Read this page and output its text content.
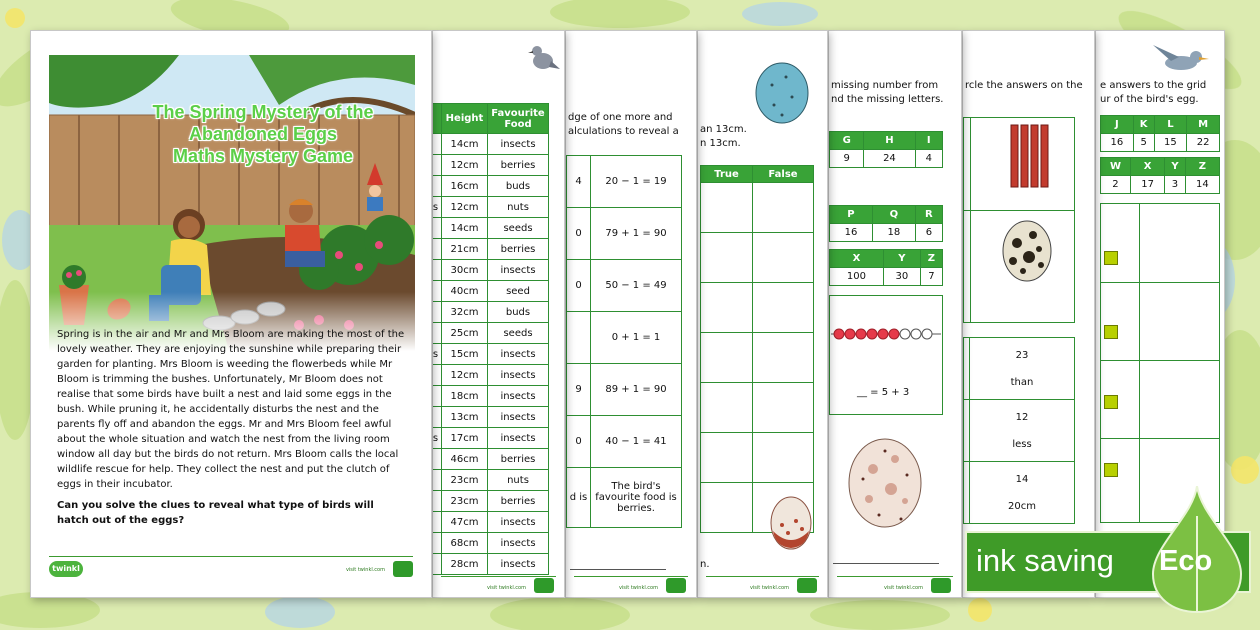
e answers to the grid
ur of the bird's egg.
J	K	L	M
16	5	15	22
W	X	Y	Z
2	17	3	14
rcle the answers on the

	23
than

	12
less

	14
20cm
missing number from
nd the missing letters.
G	H	I
9	24	4
P	Q	R
16	18	6
X	Y	Z
100	30	7
__ = 5 + 3
visit twinkl.com
an 13cm.
n 13cm.
True	False

n.
visit twinkl.com
dge of one more and
alculations to reveal a
4	20 − 1 = 19
0	79 + 1 = 90
0	50 − 1 = 49
	0 + 1 = 1
9	89 + 1 = 90
0	40 − 1 = 41
d is	The bird's favourite food is berries.
visit twinkl.com
	Height	Favourite Food
	14cm	insects
	12cm	berries
	16cm	buds
s	12cm	nuts
	14cm	seeds
	21cm	berries
	30cm	insects
	40cm	seed
	32cm	buds
	25cm	seeds
s	15cm	insects
	12cm	insects
	18cm	insects
	13cm	insects
s	17cm	insects
	46cm	berries
	23cm	nuts
	23cm	berries
	47cm	insects
	68cm	insects
	28cm	insects
visit twinkl.com
The Spring Mystery of the
Abandoned Eggs
Maths Mystery Game

Spring is in the air and Mr and Mrs Bloom are making the most of the lovely weather. They are enjoying the sunshine while preparing their garden for planting. Mrs Bloom is weeding the flowerbeds while Mr Bloom is trimming the bushes. Unfortunately, Mr Bloom does not realise that some birds have built a nest and laid some eggs in the bush. While pruning it, he accidentally disturbs the nest and the parents fly off and abandon the eggs. Mr and Mrs Bloom feel awful about the whole situation and watch the nest from the living room window all day but the birds do not return. Mrs Bloom calls the local wildlife rescue for help. They collect the nest and put the clutch of eggs in their incubator.

Can you solve the clues to reveal what type of birds will hatch out of the eggs?

twinkl	visit twinkl.com	ink saving Eco
